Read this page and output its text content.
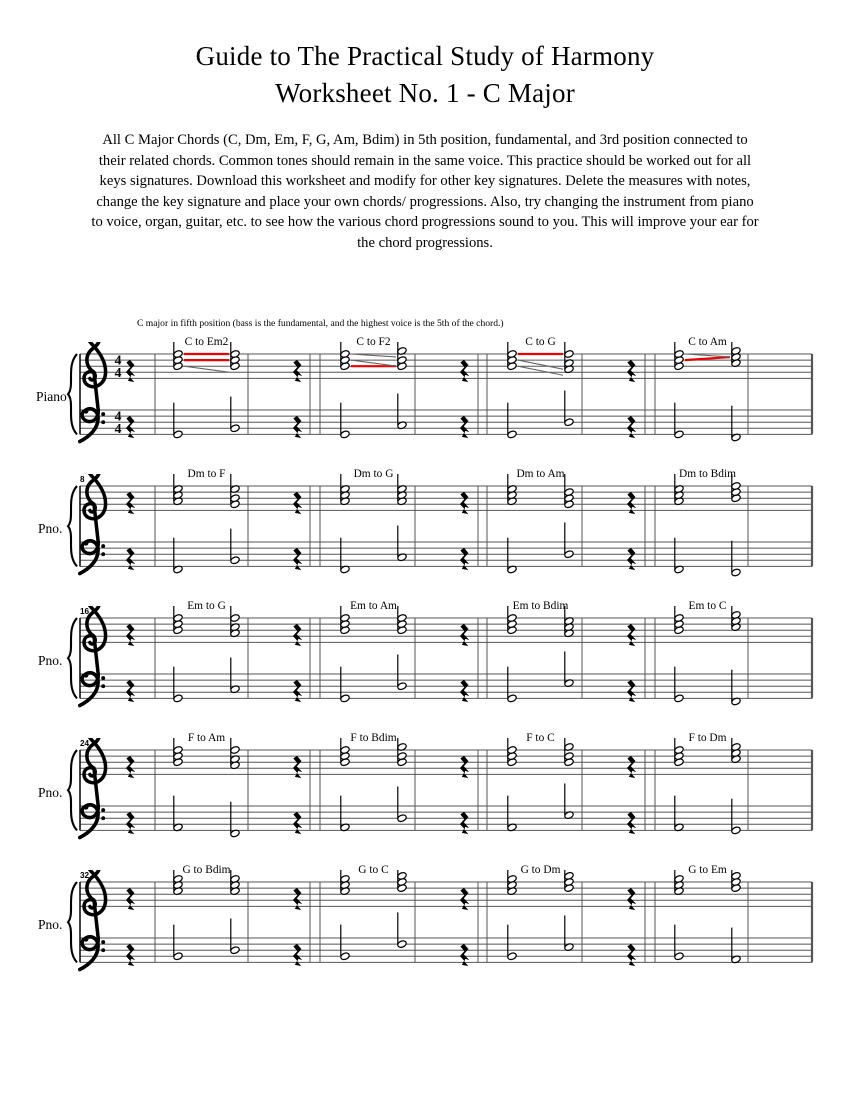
Guide to The Practical Study of Harmony
Worksheet No. 1 - C Major
All C Major Chords (C, Dm, Em, F, G, Am, Bdim) in 5th position, fundamental, and 3rd position connected to their related chords. Common tones should remain in the same voice. This practice should be worked out for all keys signatures. Download this worksheet and modify for other key signatures. Delete the measures with notes, change the key signature and place your own chords/ progressions. Also, try changing the instrument from piano to voice, organ, guitar, etc. to see how the various chord progressions sound to you. This will improve your ear for the chord progressions.
4
4
4
4
Piano
C to Em2	C to F2	C to G	C to Am
C major in fifth position (bass is the fundamental, and the highest voice is the 5th of the chord.)
Pno.
8	Dm to F	Dm to G	Dm to Am	Dm to Bdim
Pno.
16	Em to G	Em to Am	Em to Bdim	Em to C
Pno.
24	F to Am	F to Bdim	F to C	F to Dm
Pno.
32	G to Bdim	G to C	G to Dm	G to Em
